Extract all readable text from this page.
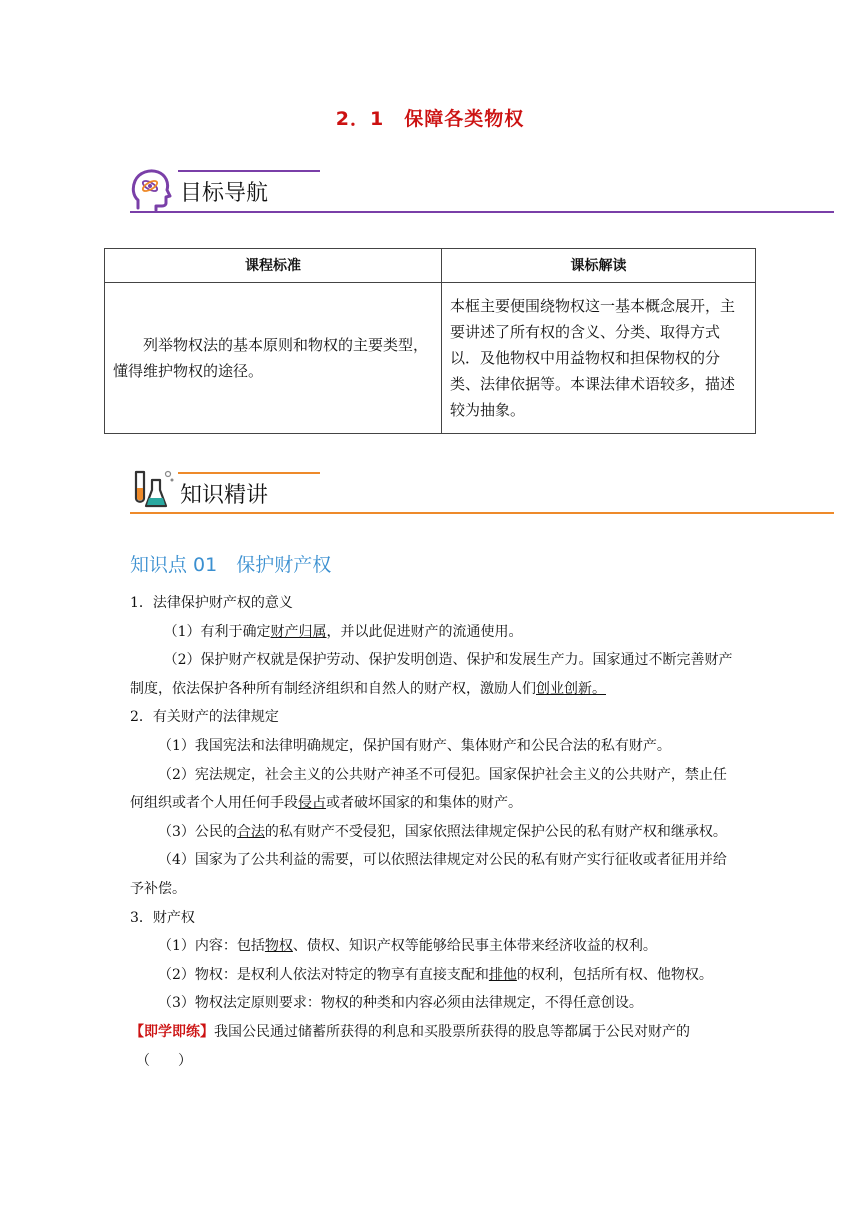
2．1　保障各类物权
目标导航
课程标准	课标解读
列举物权法的基本原则和物权的主要类型，懂得维护物权的途径。	本框主要便围绕物权这一基本概念展开，主要讲述了所有权的含义、分类、取得方式以．及他物权中用益物权和担保物权的分类、法律依据等。本课法律术语较多，描述较为抽象。
知识精讲
知识点 01　保护财产权

1．法律保护财产权的意义

（1）有利于确定财产归属，并以此促进财产的流通使用。

（2）保护财产权就是保护劳动、保护发明创造、保护和发展生产力。国家通过不断完善财产制度，依法保护各种所有制经济组织和自然人的财产权，激励人们创业创新。

2．有关财产的法律规定

（1）我国宪法和法律明确规定，保护国有财产、集体财产和公民合法的私有财产。

（2）宪法规定，社会主义的公共财产神圣不可侵犯。国家保护社会主义的公共财产，禁止任何组织或者个人用任何手段侵占或者破坏国家的和集体的财产。

（3）公民的合法的私有财产不受侵犯，国家依照法律规定保护公民的私有财产权和继承权。

（4）国家为了公共利益的需要，可以依照法律规定对公民的私有财产实行征收或者征用并给予补偿。

3．财产权

（1）内容：包括物权、债权、知识产权等能够给民事主体带来经济收益的权利。

（2）物权：是权利人依法对特定的物享有直接支配和排他的权利，包括所有权、他物权。

（3）物权法定原则要求：物权的种类和内容必须由法律规定，不得任意创设。

【即学即练】我国公民通过储蓄所获得的利息和买股票所获得的股息等都属于公民对财产的

（　　）
